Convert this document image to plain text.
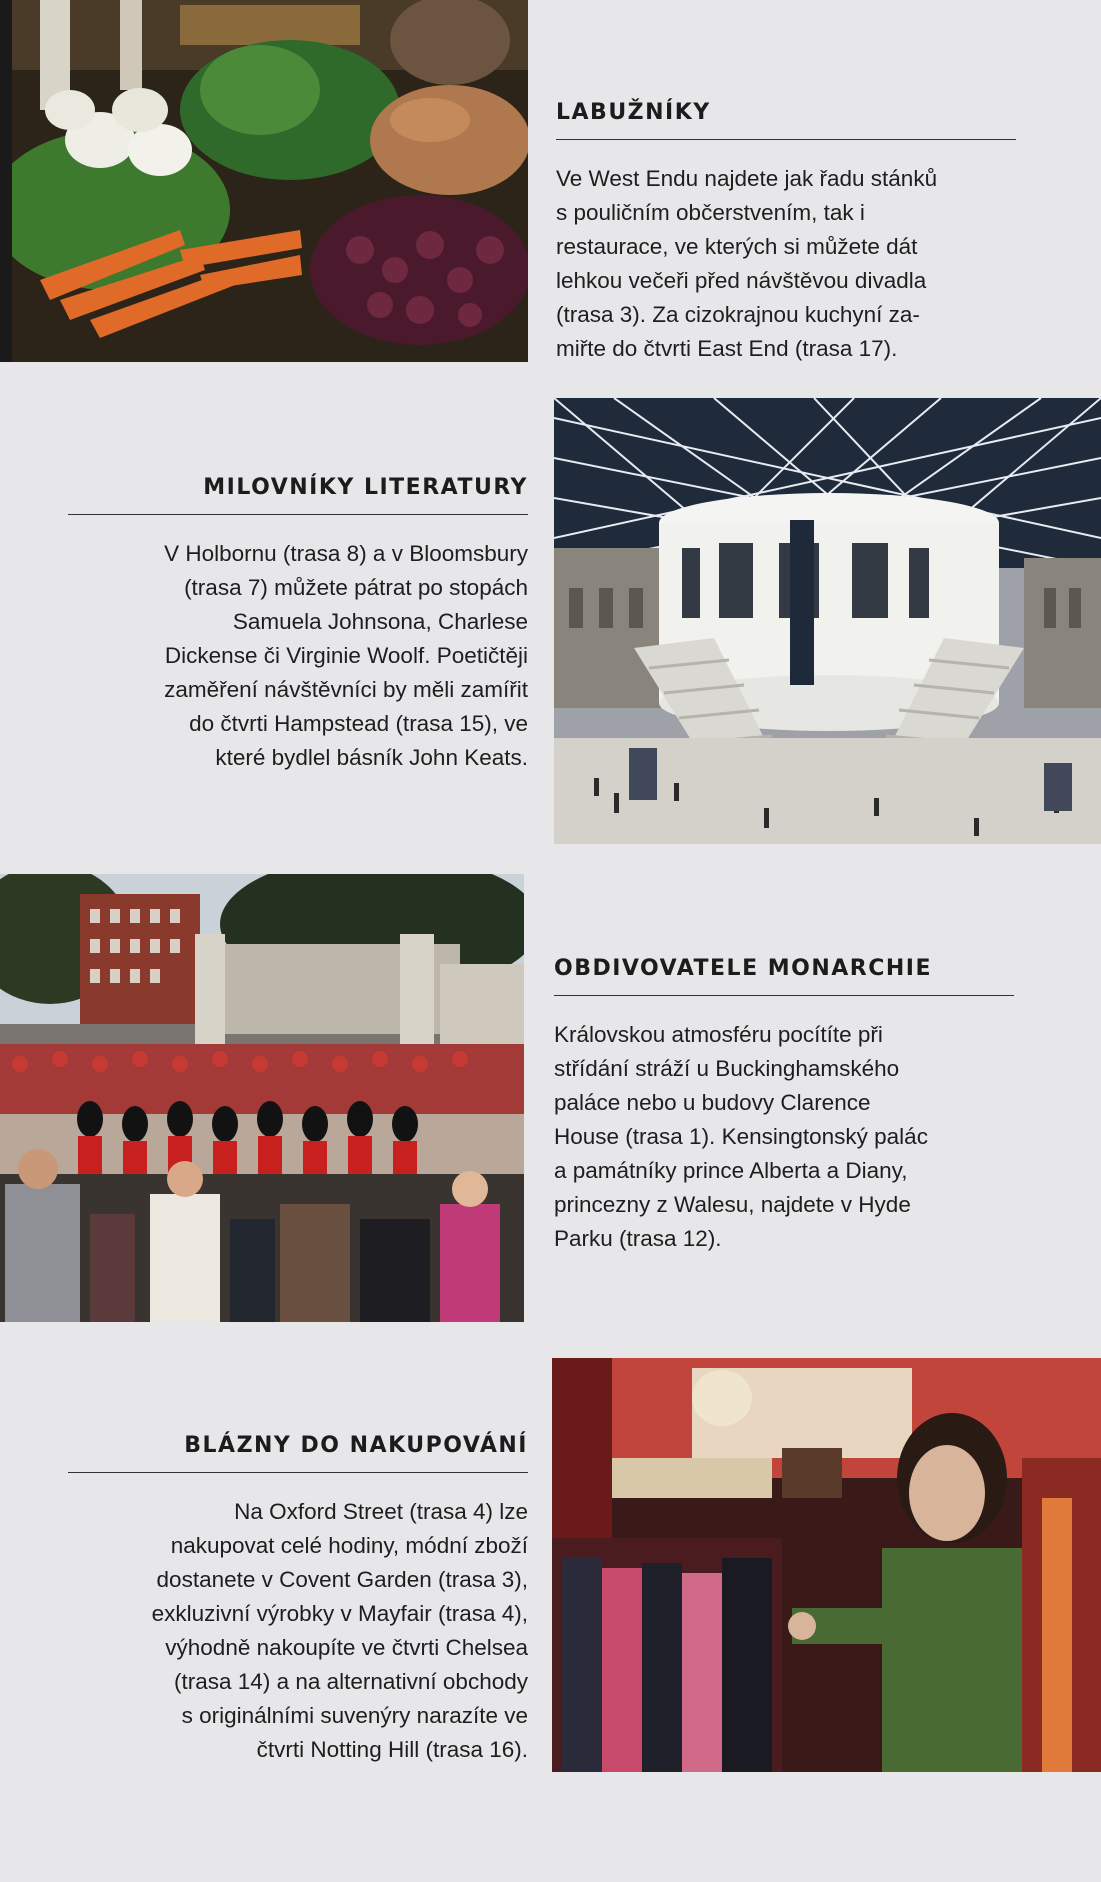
LABUŽNÍKY
Ve West Endu najdete jak řadu stánků
s pouličním občerstvením, tak i
restaurace, ve kterých si můžete dát
lehkou večeři před návštěvou divadla
(trasa 3). Za cizokrajnou kuchyní za-
miřte do čtvrti East End (trasa 17).
MILOVNÍKY LITERATURY
V Holbornu (trasa 8) a v Bloomsbury
(trasa 7) můžete pátrat po stopách
Samuela Johnsona, Charlese
Dickense či Virginie Woolf. Poetičtěji
zaměření návštěvníci by měli zamířit
do čtvrti Hampstead (trasa 15), ve
které bydlel básník John Keats.
OBDIVOVATELE MONARCHIE
Královskou atmosféru pocítíte při
střídání stráží u Buckinghamského
paláce nebo u budovy Clarence
House (trasa 1). Kensingtonský palác
a památníky prince Alberta a Diany,
princezny z Walesu, najdete v Hyde
Parku (trasa 12).
BLÁZNY DO NAKUPOVÁNÍ
Na Oxford Street (trasa 4) lze
nakupovat celé hodiny, módní zboží
dostanete v Covent Garden (trasa 3),
exkluzivní výrobky v Mayfair (trasa 4),
výhodně nakoupíte ve čtvrti Chelsea
(trasa 14) a na alternativní obchody
s originálními suvenýry narazíte ve
čtvrti Notting Hill (trasa 16).
